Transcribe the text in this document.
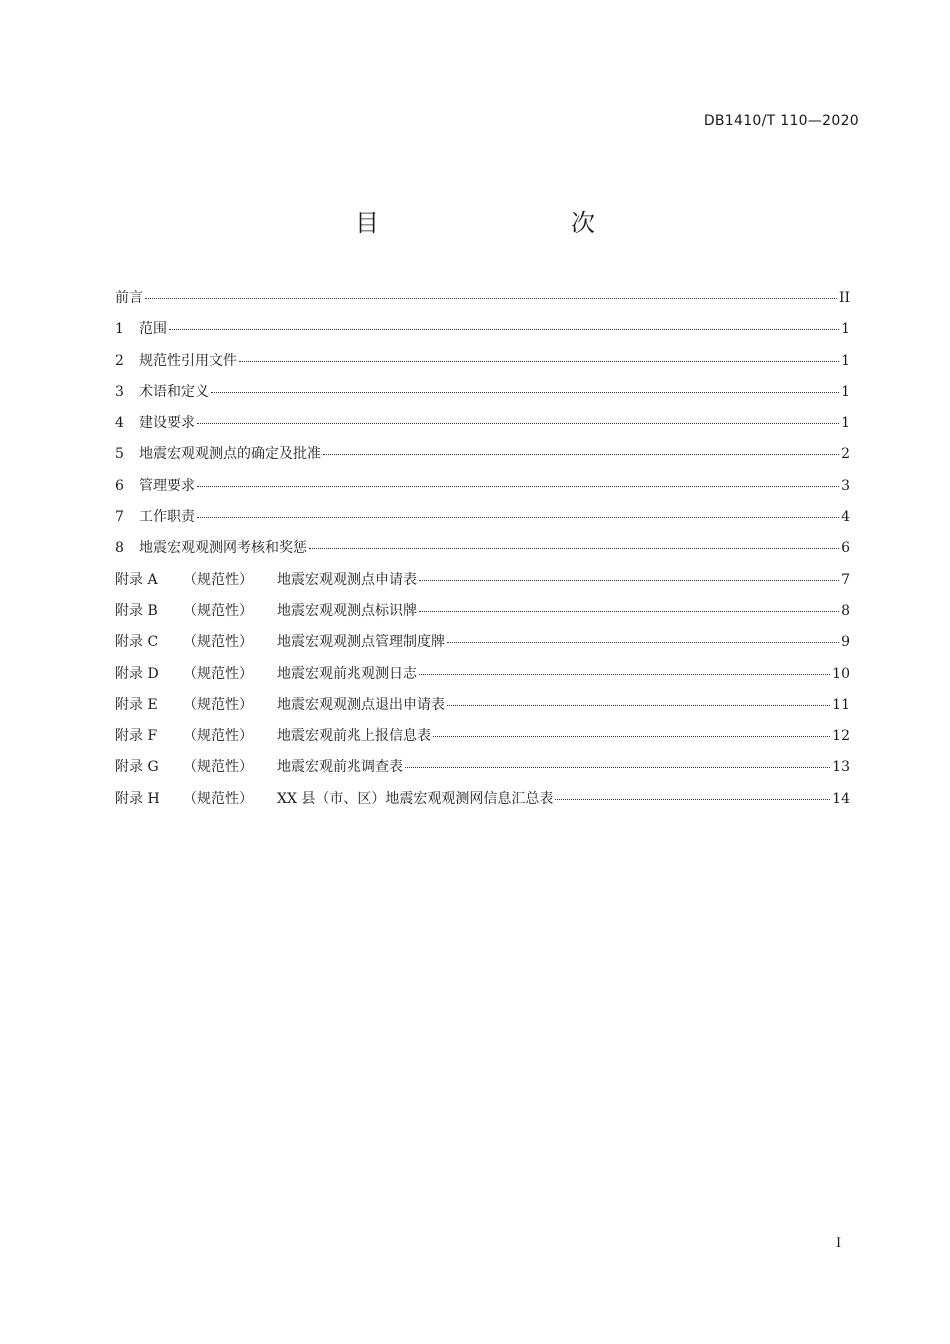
DB1410/T 110—2020
目　　次
前言	II
1	范围	1
2	规范性引用文件	1
3	术语和定义	1
4	建设要求	1
5	地震宏观观测点的确定及批准	2
6	管理要求	3
7	工作职责	4
8	地震宏观观测网考核和奖惩	6
附录 A	（规范性）	地震宏观观测点申请表	7
附录 B	（规范性）	地震宏观观测点标识牌	8
附录 C	（规范性）	地震宏观观测点管理制度牌	9
附录 D	（规范性）	地震宏观前兆观测日志	10
附录 E	（规范性）	地震宏观观测点退出申请表	11
附录 F	（规范性）	地震宏观前兆上报信息表	12
附录 G	（规范性）	地震宏观前兆调查表	13
附录 H	（规范性）	XX 县（市、区）地震宏观观测网信息汇总表	14
I
